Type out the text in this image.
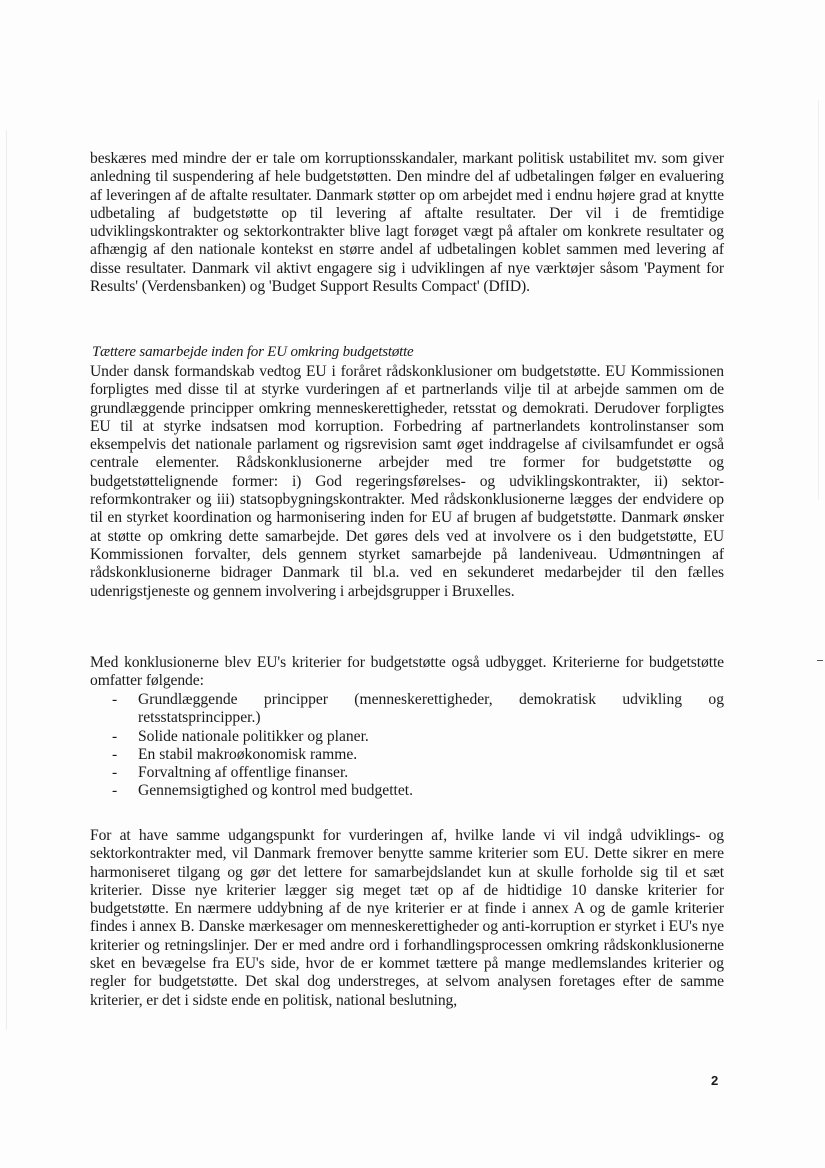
beskæres med mindre der er tale om korruptionsskandaler, markant politisk ustabilitet mv. som giver anledning til suspendering af hele budgetstøtten. Den mindre del af udbetalingen følger en evaluering af leveringen af de aftalte resultater. Danmark støtter op om arbejdet med i endnu højere grad at knytte udbetaling af budgetstøtte op til levering af aftalte resultater. Der vil i de fremtidige udviklingskontrakter og sektorkontrakter blive lagt forøget vægt på aftaler om konkrete resultater og afhængig af den nationale kontekst en større andel af udbetalingen koblet sammen med levering af disse resultater. Danmark vil aktivt engagere sig i udviklingen af nye værktøjer såsom 'Payment for Results' (Verdensbanken) og 'Budget Support Results Compact' (DfID).

Tættere samarbejde inden for EU omkring budgetstøtte

Under dansk formandskab vedtog EU i foråret rådskonklusioner om budgetstøtte. EU Kommissionen forpligtes med disse til at styrke vurderingen af et partnerlands vilje til at arbejde sammen om de grundlæggende principper omkring menneskerettigheder, retsstat og demokrati. Derudover forpligtes EU til at styrke indsatsen mod korruption. Forbedring af partnerlandets kontrolinstanser som eksempelvis det nationale parlament og rigsrevision samt øget inddragelse af civilsamfundet er også centrale elementer. Rådskonklusionerne arbejder med tre former for budgetstøtte og budgetstøttelignende former: i) God regeringsførelses- og udviklingskontrakter, ii) sektor-reformkontraker og iii) statsopbygningskontrakter. Med rådskonklusionerne lægges der endvidere op til en styrket koordination og harmonisering inden for EU af brugen af budgetstøtte. Danmark ønsker at støtte op omkring dette samarbejde. Det gøres dels ved at involvere os i den budgetstøtte, EU Kommissionen forvalter, dels gennem styrket samarbejde på landeniveau. Udmøntningen af rådskonklusionerne bidrager Danmark til bl.a. ved en sekunderet medarbejder til den fælles udenrigstjeneste og gennem involvering i arbejdsgrupper i Bruxelles.

Med konklusionerne blev EU's kriterier for budgetstøtte også udbygget. Kriterierne for budgetstøtte omfatter følgende:

- Grundlæggende principper (menneskerettigheder, demokratisk udvikling og retsstatsprincipper.)
- Solide nationale politikker og planer.
- En stabil makroøkonomisk ramme.
- Forvaltning af offentlige finanser.
- Gennemsigtighed og kontrol med budgettet.

For at have samme udgangspunkt for vurderingen af, hvilke lande vi vil indgå udviklings- og sektorkontrakter med, vil Danmark fremover benytte samme kriterier som EU. Dette sikrer en mere harmoniseret tilgang og gør det lettere for samarbejdslandet kun at skulle forholde sig til et sæt kriterier. Disse nye kriterier lægger sig meget tæt op af de hidtidige 10 danske kriterier for budgetstøtte. En nærmere uddybning af de nye kriterier er at finde i annex A og de gamle kriterier findes i annex B. Danske mærkesager om menneskerettigheder og anti-korruption er styrket i EU's nye kriterier og retningslinjer. Der er med andre ord i forhandlingsprocessen omkring rådskonklusionerne sket en bevægelse fra EU's side, hvor de er kommet tættere på mange medlemslandes kriterier og regler for budgetstøtte. Det skal dog understreges, at selvom analysen foretages efter de samme kriterier, er det i sidste ende en politisk, national beslutning,

2
